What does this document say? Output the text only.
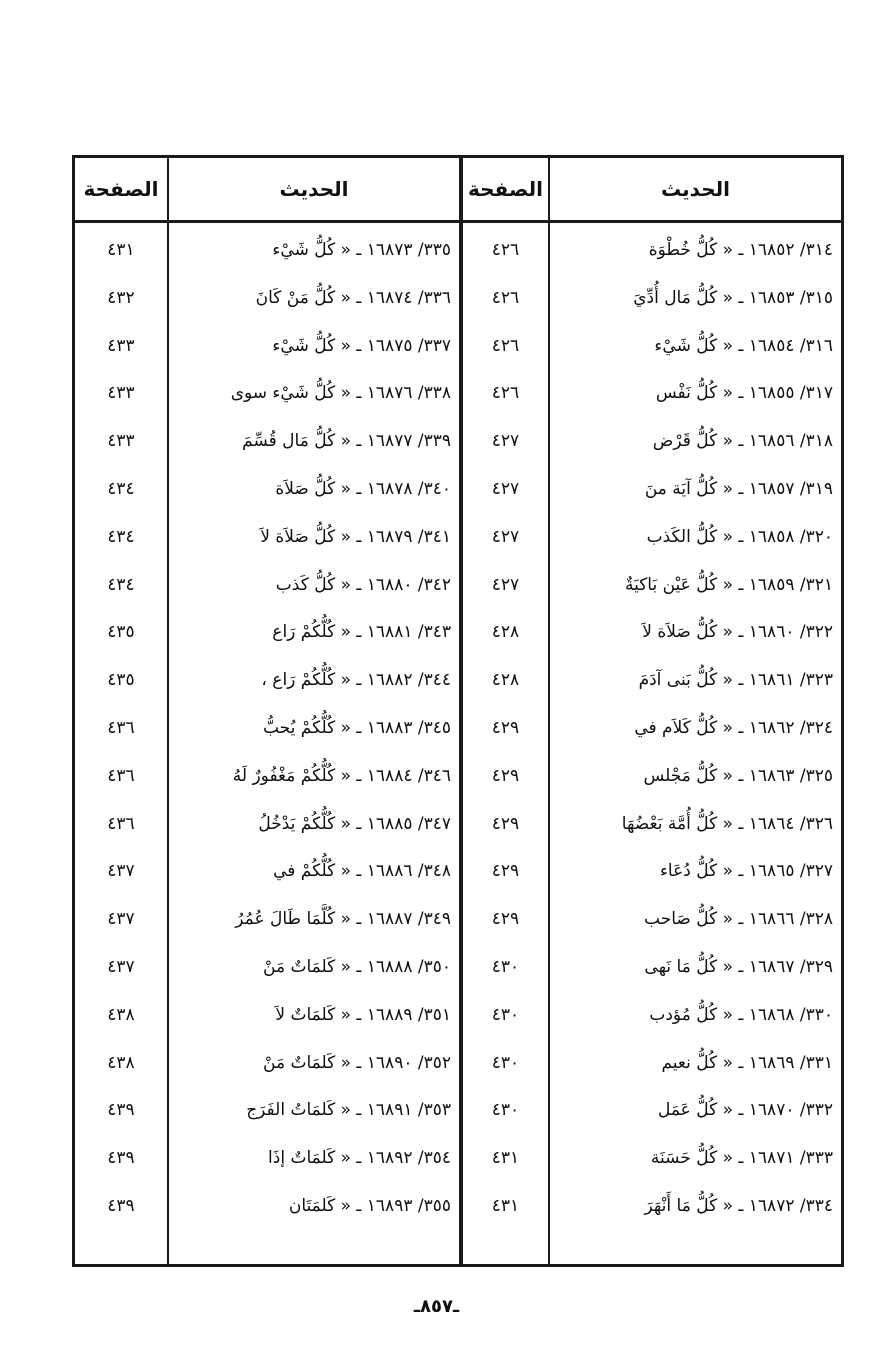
الصفحة	الحديث	الصفحة	الحديث
٤٣١	٣٣٥/ ١٦٨٧٣ ـ « كُلُّ شَيْء	٤٢٦	٣١٤/ ١٦٨٥٢ ـ « كُلُّ خُطْوَة
٤٣٢	٣٣٦/ ١٦٨٧٤ ـ « كُلُّ مَنْ كَانَ	٤٢٦	٣١٥/ ١٦٨٥٣ ـ « كُلُّ مَال أُدِّيَ
٤٣٣	٣٣٧/ ١٦٨٧٥ ـ « كُلُّ شَيْء	٤٢٦	٣١٦/ ١٦٨٥٤ ـ « كُلُّ شَيْء
٤٣٣	٣٣٨/ ١٦٨٧٦ ـ « كُلُّ شَيْء سوى	٤٢٦	٣١٧/ ١٦٨٥٥ ـ « كُلُّ نَفْس
٤٣٣	٣٣٩/ ١٦٨٧٧ ـ « كُلُّ مَال قُسِّمَ	٤٢٧	٣١٨/ ١٦٨٥٦ ـ « كُلُّ قَرْض
٤٣٤	٣٤٠/ ١٦٨٧٨ ـ « كُلُّ صَلاَة	٤٢٧	٣١٩/ ١٦٨٥٧ ـ « كُلُّ آيَة منَ
٤٣٤	٣٤١/ ١٦٨٧٩ ـ « كُلُّ صَلاَة لاَ	٤٢٧	٣٢٠/ ١٦٨٥٨ ـ « كُلُّ الكَذب
٤٣٤	٣٤٢/ ١٦٨٨٠ ـ « كُلُّ كَذب	٤٢٧	٣٢١/ ١٦٨٥٩ ـ « كُلُّ عَيْن بَاكيَةٌ
٤٣٥	٣٤٣/ ١٦٨٨١ ـ « كُلُّكُمْ رَاع	٤٢٨	٣٢٢/ ١٦٨٦٠ ـ « كُلُّ صَلاَة لاَ
٤٣٥	٣٤٤/ ١٦٨٨٢ ـ « كُلُّكُمْ رَاع ،	٤٢٨	٣٢٣/ ١٦٨٦١ ـ « كُلُّ بَنى آدَمَ
٤٣٦	٣٤٥/ ١٦٨٨٣ ـ « كُلُّكُمْ يُحبُّ	٤٢٩	٣٢٤/ ١٦٨٦٢ ـ « كُلُّ كَلاَم في
٤٣٦	٣٤٦/ ١٦٨٨٤ ـ « كُلُّكُمْ مَغْفُورٌ لَهُ	٤٢٩	٣٢٥/ ١٦٨٦٣ ـ « كُلُّ مَجْلس
٤٣٦	٣٤٧/ ١٦٨٨٥ ـ « كُلُّكُمْ يَدْخُلُ	٤٢٩	٣٢٦/ ١٦٨٦٤ ـ « كُلُّ أُمَّة بَعْضُهَا
٤٣٧	٣٤٨/ ١٦٨٨٦ ـ « كُلُّكُمْ في	٤٢٩	٣٢٧/ ١٦٨٦٥ ـ « كُلُّ دُعَاء
٤٣٧	٣٤٩/ ١٦٨٨٧ ـ « كُلَّمَا طَالَ عُمُرُ	٤٢٩	٣٢٨/ ١٦٨٦٦ ـ « كُلُّ صَاحب
٤٣٧	٣٥٠/ ١٦٨٨٨ ـ « كَلمَاتٌ مَنْ	٤٣٠	٣٢٩/ ١٦٨٦٧ ـ « كُلُّ مَا نَهى
٤٣٨	٣٥١/ ١٦٨٨٩ ـ « كَلمَاتٌ لاَ	٤٣٠	٣٣٠/ ١٦٨٦٨ ـ « كُلُّ مُؤدب
٤٣٨	٣٥٢/ ١٦٨٩٠ ـ « كَلمَاتٌ مَنْ	٤٣٠	٣٣١/ ١٦٨٦٩ ـ « كُلُّ نعيم
٤٣٩	٣٥٣/ ١٦٨٩١ ـ « كَلمَاتُ الفَرَج	٤٣٠	٣٣٢/ ١٦٨٧٠ ـ « كُلُّ عَمَل
٤٣٩	٣٥٤/ ١٦٨٩٢ ـ « كَلمَاتٌ إذَا	٤٣١	٣٣٣/ ١٦٨٧١ ـ « كُلُّ حَسَنَة
٤٣٩	٣٥٥/ ١٦٨٩٣ ـ « كَلمَتَان	٤٣١	٣٣٤/ ١٦٨٧٢ ـ « كُلُّ مَا أَنْهَرَ
ـ٨٥٧ـ
